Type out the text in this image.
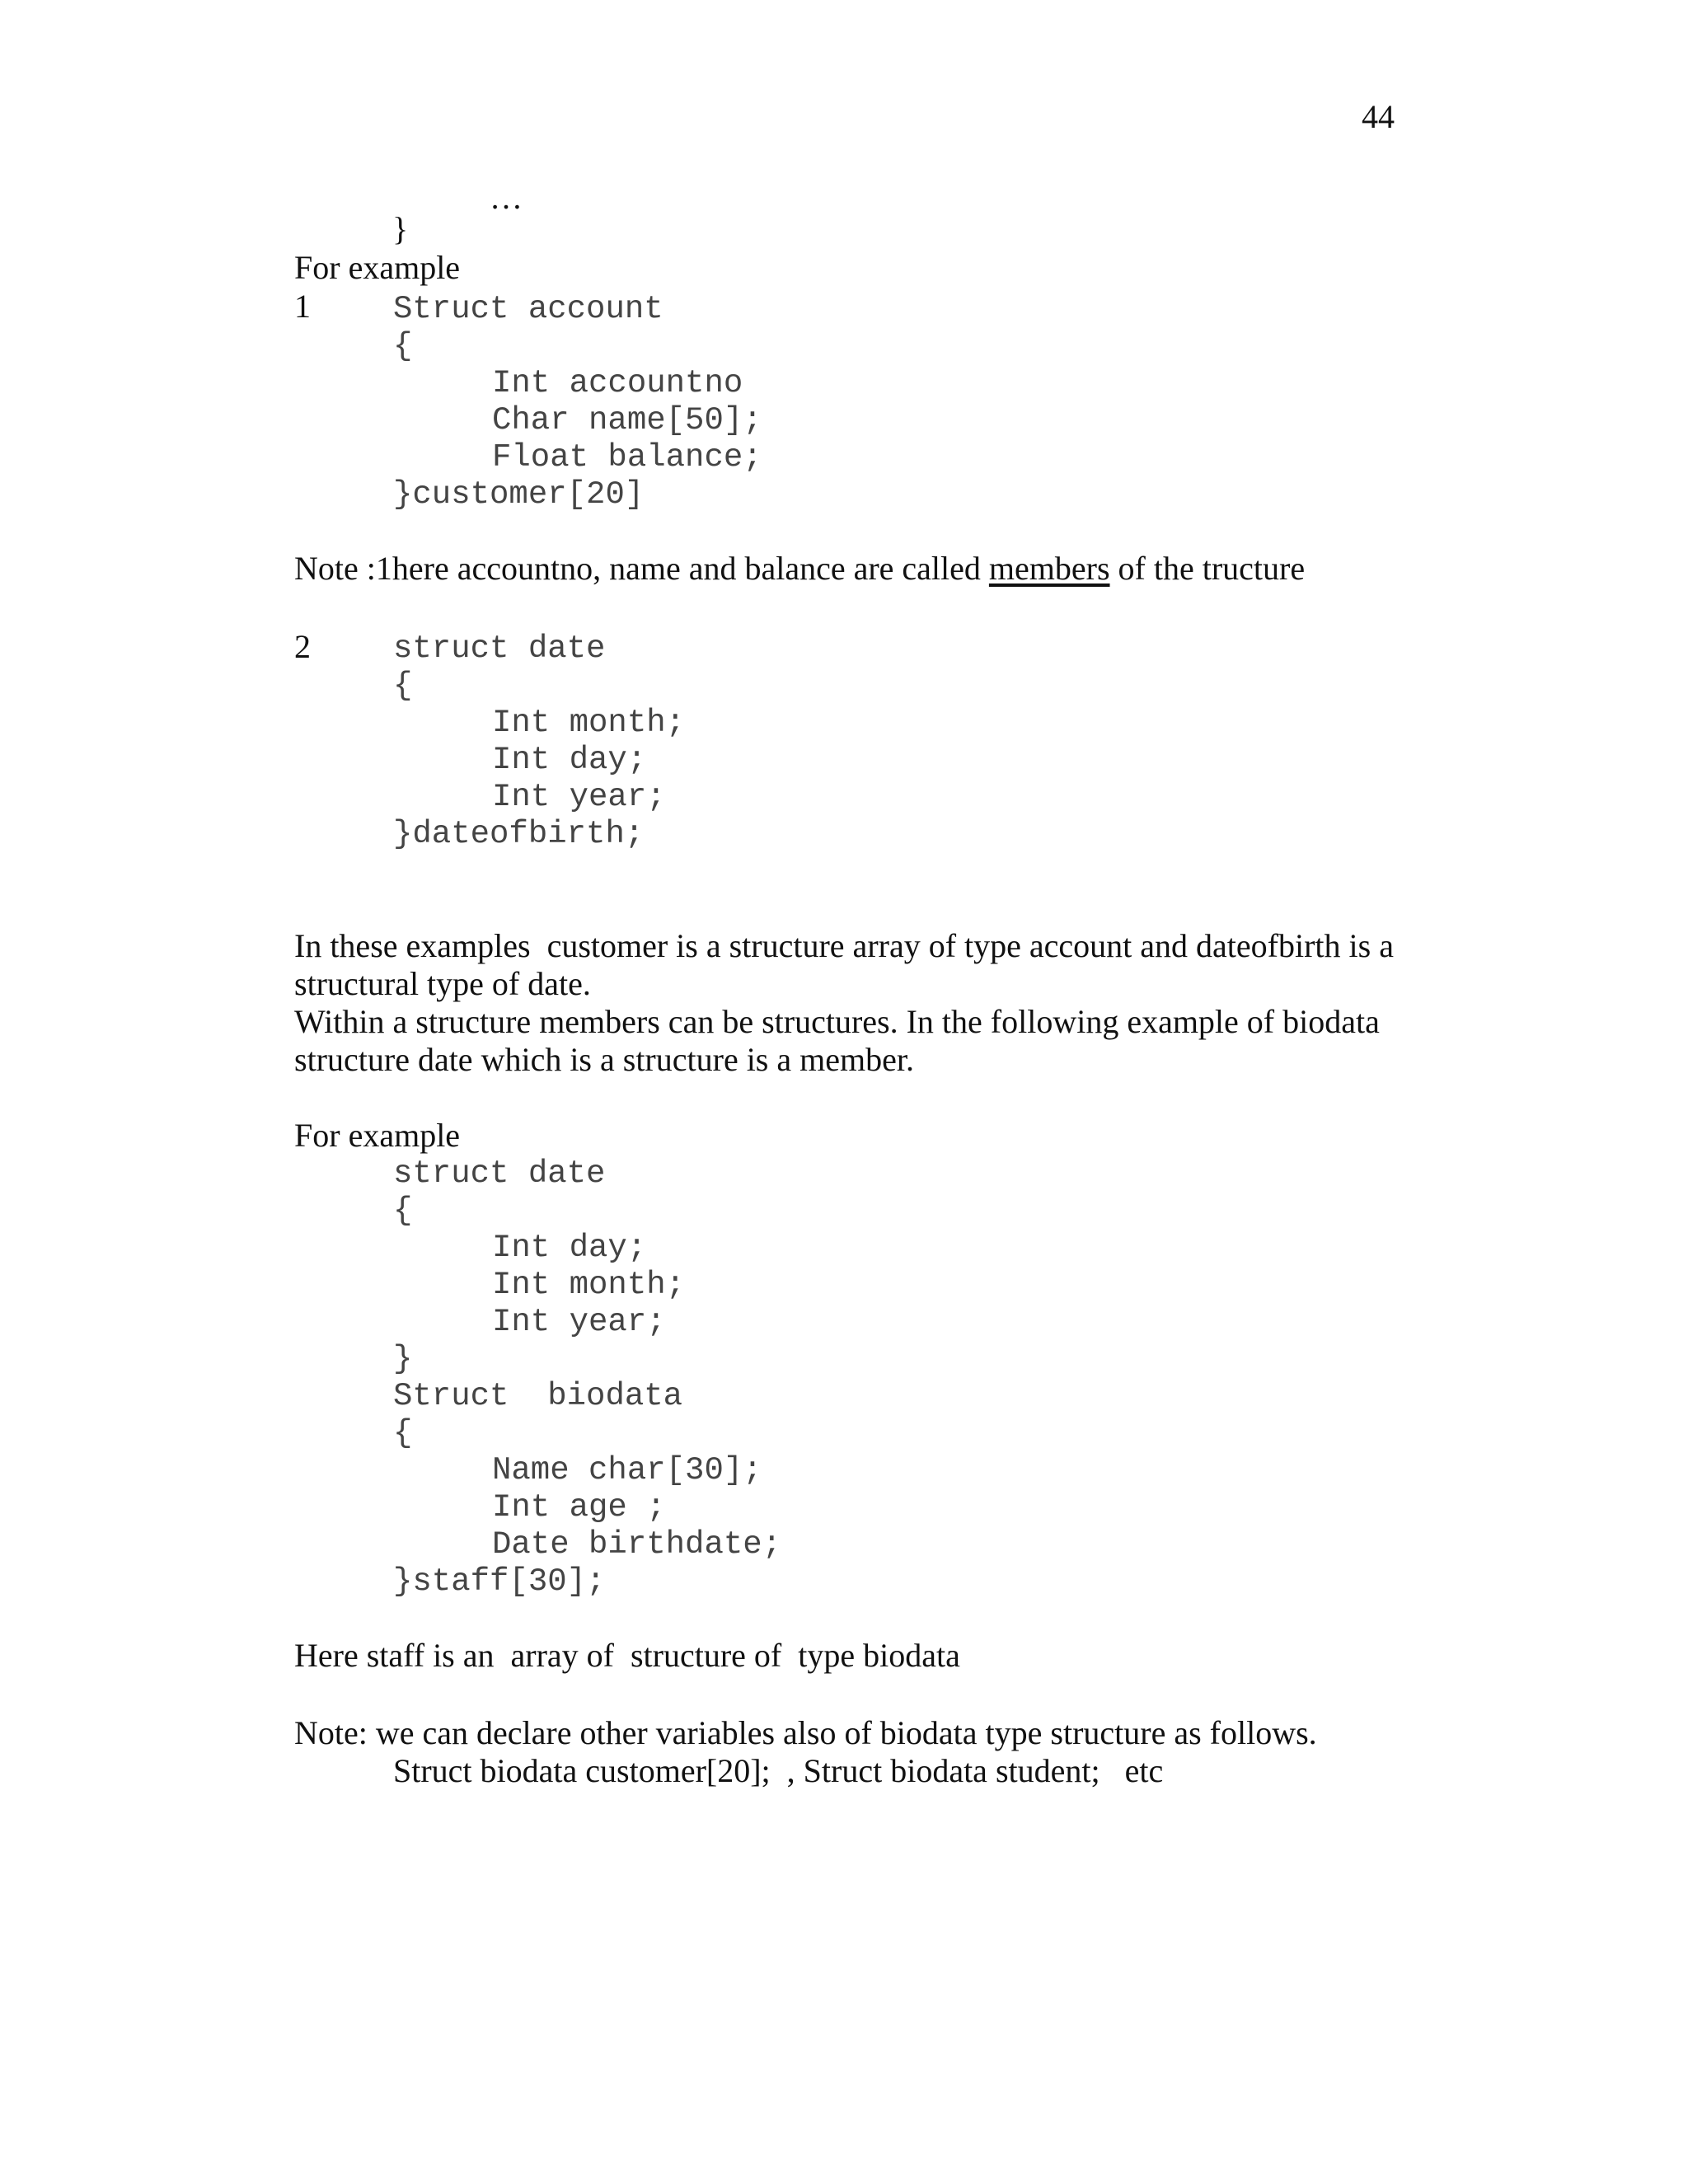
44
…
}
For example
1	Struct account
{
Int accountno
Char name[50];
Float balance;
}customer[20]
Note :1here accountno, name and balance are called members of the tructure
2	struct date
{
Int month;
Int day;
Int year;
}dateofbirth;
In these examples  customer is a structure array of type account and dateofbirth is a
structural type of date.
Within a structure members can be structures. In the following example of biodata
structure date which is a structure is a member.
For example
struct date
{
Int day;
Int month;
Int year;
}
Struct  biodata
{
Name char[30];
Int age ;
Date birthdate;
}staff[30];
Here staff is an  array of  structure of  type biodata
Note: we can declare other variables also of biodata type structure as follows.
Struct biodata customer[20];  , Struct biodata student;   etc
